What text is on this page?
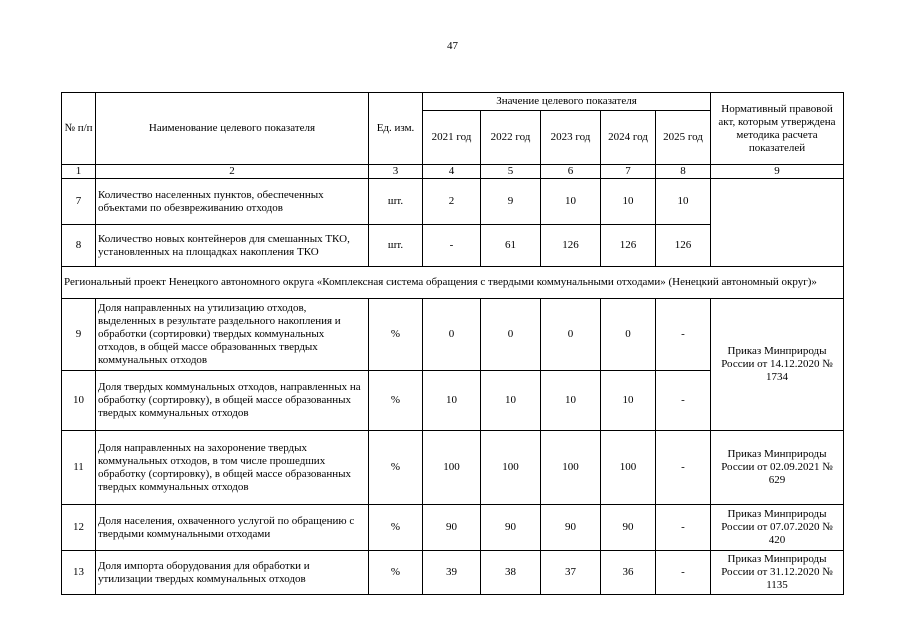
47
№ п/п	Наименование целевого показателя	Ед. изм.	Значение целевого показателя					Нормативный правовой акт, которым утверждена методика расчета показателей
			2021 год	2022 год	2023 год	2024 год	2025 год	
1	2	3	4	5	6	7	8	9
7	Количество населенных пунктов, обеспеченных объектами по обезвреживанию отходов	шт.	2	9	10	10	10	
8	Количество новых контейнеров для смешанных ТКО, установленных на площадках накопления ТКО	шт.	-	61	126	126	126	
Региональный проект Ненецкого автономного округа «Комплексная система обращения с твердыми коммунальными отходами» (Ненецкий автономный округ)»								
9	Доля направленных на утилизацию отходов, выделенных в результате раздельного накопления и обработки (сортировки) твердых коммунальных отходов, в общей массе образованных твердых коммунальных отходов	%	0	0	0	0	-	Приказ Минприроды России от 14.12.2020 № 1734
10	Доля твердых коммунальных отходов, направленных на обработку (сортировку), в общей массе образованных твердых коммунальных отходов	%	10	10	10	10	-	
11	Доля направленных на захоронение твердых коммунальных отходов, в том числе прошедших обработку (сортировку), в общей массе образованных твердых коммунальных отходов	%	100	100	100	100	-	Приказ Минприроды России от 02.09.2021 № 629
12	Доля населения, охваченного услугой по обращению с твердыми коммунальными отходами	%	90	90	90	90	-	Приказ Минприроды России от 07.07.2020 № 420
13	Доля импорта оборудования для обработки и утилизации твердых коммунальных отходов	%	39	38	37	36	-	Приказ Минприроды России от 31.12.2020 № 1135
